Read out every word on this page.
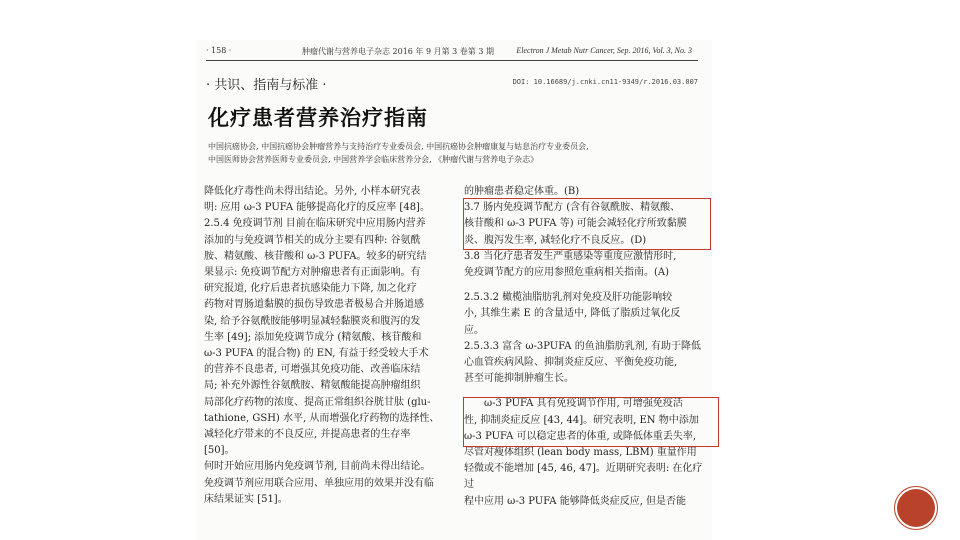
· 158 ·	肿瘤代谢与营养电子杂志 2016 年 9 月第 3 卷第 3 期	Electron J Metab Nutr Cancer, Sep. 2016, Vol. 3, No. 3
· 共识、指南与标准 ·	DOI: 10.16689/j.cnki.cn11-9349/r.2016.03.007
化疗患者营养治疗指南
中国抗癌协会, 中国抗癌协会肿瘤营养与支持治疗专业委员会, 中国抗癌协会肿瘤康复与姑息治疗专业委员会,
中国医师协会营养医师专业委员会, 中国营养学会临床营养分会, 《肿瘤代谢与营养电子杂志》

降低化疗毒性尚未得出结论。另外, 小样本研究表

明: 应用 ω-3 PUFA 能够提高化疗的反应率 [48]。

2.5.4 免疫调节剂 目前在临床研究中应用肠内营养

添加的与免疫调节相关的成分主要有四种: 谷氨酰

胺、精氨酸、核苷酸和 ω-3 PUFA。较多的研究结

果显示: 免疫调节配方对肿瘤患者有正面影响。有

研究报道, 化疗后患者抗感染能力下降, 加之化疗

药物对胃肠道黏膜的损伤导致患者极易合并肠道感

染, 给予谷氨酰胺能够明显减轻黏膜炎和腹泻的发

生率 [49]; 添加免疫调节成分 (精氨酸、核苷酸和

ω-3 PUFA 的混合物) 的 EN, 有益于经受较大手术

的营养不良患者, 可增强其免疫功能、改善临床结

局; 补充外源性谷氨酰胺、精氨酸能提高肿瘤组织

局部化疗药物的浓度、提高正常组织谷胱甘肽 (glu-

tathione, GSH) 水平, 从而增强化疗药物的选择性、

减轻化疗带来的不良反应, 并提高患者的生存率 [50]。

何时开始应用肠内免疫调节剂, 目前尚未得出结论。

免疫调节剂应用联合应用、单独应用的效果并没有临

床结果证实 [51]。

的肿瘤患者稳定体重。(B)

3.7 肠内免疫调节配方 (含有谷氨酰胺、精氨酸、

核苷酸和 ω-3 PUFA 等) 可能会减轻化疗所致黏膜

炎、腹泻发生率, 减轻化疗不良反应。(D)

3.8 当化疗患者发生严重感染等重度应激情形时,

免疫调节配方的应用参照危重病相关指南。(A)

2.5.3.2 橄榄油脂肪乳剂对免疫及肝功能影响较

小, 其维生素 E 的含量适中, 降低了脂质过氧化反

应。

2.5.3.3 富含 ω-3PUFA 的鱼油脂肪乳剂, 有助于降低

心血管疾病风险、抑制炎症反应、平衡免疫功能,

甚至可能抑制肿瘤生长。

ω-3 PUFA 具有免疫调节作用, 可增强免疫活

性, 抑制炎症反应 [43, 44]。研究表明, EN 物中添加

ω-3 PUFA 可以稳定患者的体重, 或降低体重丢失率,

尽管对瘦体组织 (lean body mass, LBM) 重量作用

轻微或不能增加 [45, 46, 47]。近期研究表明: 在化疗过

程中应用 ω-3 PUFA 能够降低炎症反应, 但是否能
